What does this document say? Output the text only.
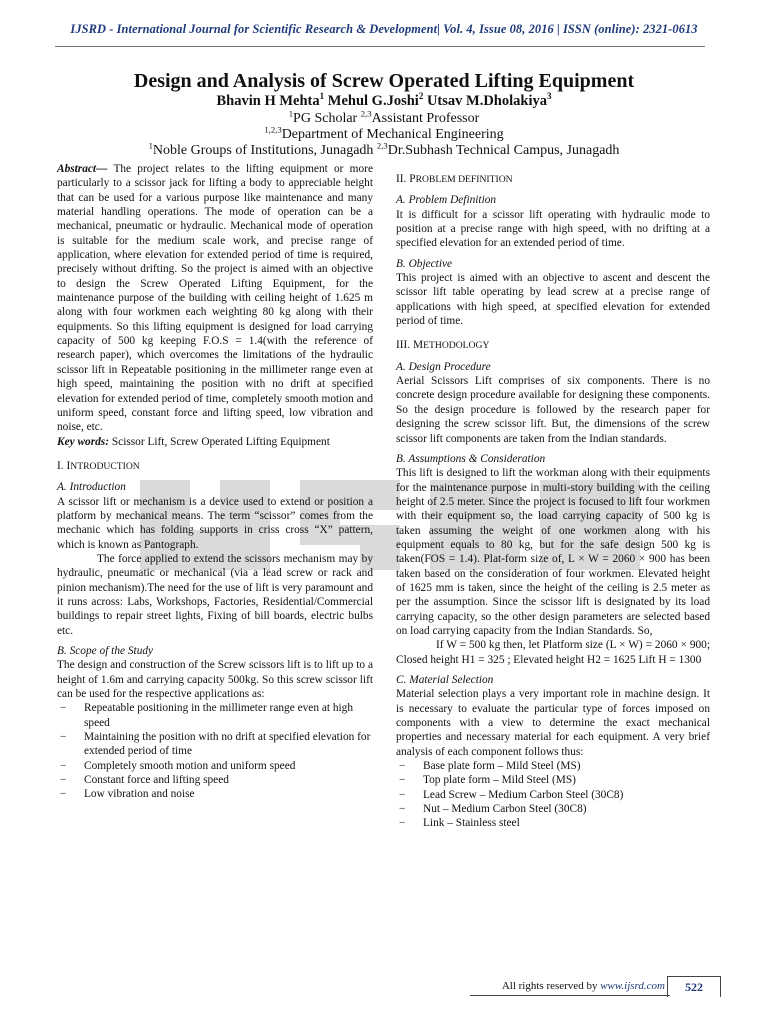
IJSRD - International Journal for Scientific Research & Development| Vol. 4, Issue 08, 2016 | ISSN (online): 2321-0613
Design and Analysis of Screw Operated Lifting Equipment
Bhavin H Mehta$^1$ Mehul G.Joshi$^2$ Utsav M.Dholakiya$^3$
$^1$PG Scholar $^{2,3}$Assistant Professor
$^{1,2,3}$Department of Mechanical Engineering
$^1$Noble Groups of Institutions, Junagadh $^{2,3}$Dr.Subhash Technical Campus, Junagadh

Abstract— The project relates to the lifting equipment or more particularly to a scissor jack for lifting a body to appreciable height that can be used for a various purpose like maintenance and many material handling operations. The mode of operation can be a mechanical, pneumatic or hydraulic. Mechanical mode of operation is suitable for the medium scale work, and precise range of application, where elevation for extended period of time is required, precisely without drifting. So the project is aimed with an objective to design the Screw Operated Lifting Equipment, for the maintenance purpose of the building with ceiling height of 1.625 m along with four workmen each weighting 80 kg along with their equipments. So this lifting equipment is designed for load carrying capacity of 500 kg keeping F.O.S = 1.4(with the reference of research paper), which overcomes the limitations of the hydraulic scissor lift in Repeatable positioning in the millimeter range even at high speed, maintaining the position with no drift at specified elevation for extended period of time, completely smooth motion and uniform speed, constant force and lifting speed, low vibration and noise, etc.

Key words: Scissor Lift, Screw Operated Lifting Equipment

I. INTRODUCTION

A. Introduction

A scissor lift or mechanism is a device used to extend or position a platform by mechanical means. The term “scissor” comes from the mechanic which has folding supports in criss cross “X” pattern, which is known as Pantograph.

The force applied to extend the scissors mechanism may by hydraulic, pneumatic or mechanical (via a lead screw or rack and pinion mechanism).The need for the use of lift is very paramount and it runs across: Labs, Workshops, Factories, Residential/Commercial buildings to repair street lights, Fixing of bill boards, electric bulbs etc.

B. Scope of the Study

The design and construction of the Screw scissors lift is to lift up to a height of 1.6m and carrying capacity 500kg. So this screw scissor lift can be used for the respective applications as:

− Repeatable positioning in the millimeter range even at high speed
− Maintaining the position with no drift at specified elevation for extended period of time
− Completely smooth motion and uniform speed
− Constant force and lifting speed
− Low vibration and noise

II. PROBLEM DEFINITION

A. Problem Definition

It is difficult for a scissor lift operating with hydraulic mode to position at a precise range with high speed, with no drifting at a specified elevation for an extended period of time.

B. Objective

This project is aimed with an objective to ascent and descent the scissor lift table operating by lead screw at a precise range of applications with high speed, at specified elevation for extended period of time.

III. METHODOLOGY

A. Design Procedure

Aerial Scissors Lift comprises of six components. There is no concrete design procedure available for designing these components. So the design procedure is followed by the research paper for designing the screw scissor lift. But, the dimensions of the screw scissor lift components are taken from the Indian standards.

B. Assumptions & Consideration

This lift is designed to lift the workman along with their equipments for the maintenance purpose in multi-story building with the ceiling height of 2.5 meter. Since the project is focused to lift four workmen with their equipment so, the load carrying capacity of 500 kg is taken assuming the weight of one workmen along with his equipment equals to 80 kg, but for the safe design 500 kg is taken(FOS = 1.4). Plat-form size of, L × W = 2060 × 900 has been taken based on the consideration of four workmen. Elevated height of 1625 mm is taken, since the height of the ceiling is 2.5 meter as per the assumption. Since the scissor lift is designated by its load carrying capacity, so the other design parameters are selected based on load carrying capacity from the Indian Standards. So,

If W = 500 kg then, let Platform size (L × W) = 2060 × 900; Closed height H1 = 325 ; Elevated height H2 = 1625 Lift H = 1300

C. Material Selection

Material selection plays a very important role in machine design. It is necessary to evaluate the particular type of forces imposed on components with a view to determine the exact mechanical properties and necessary material for each equipment. A very brief analysis of each component follows thus:

− Base plate form – Mild Steel (MS)
− Top plate form – Mild Steel (MS)
− Lead Screw – Medium Carbon Steel (30C8)
− Nut – Medium Carbon Steel (30C8)
− Link – Stainless steel
All rights reserved by www.ijsrd.com	522
